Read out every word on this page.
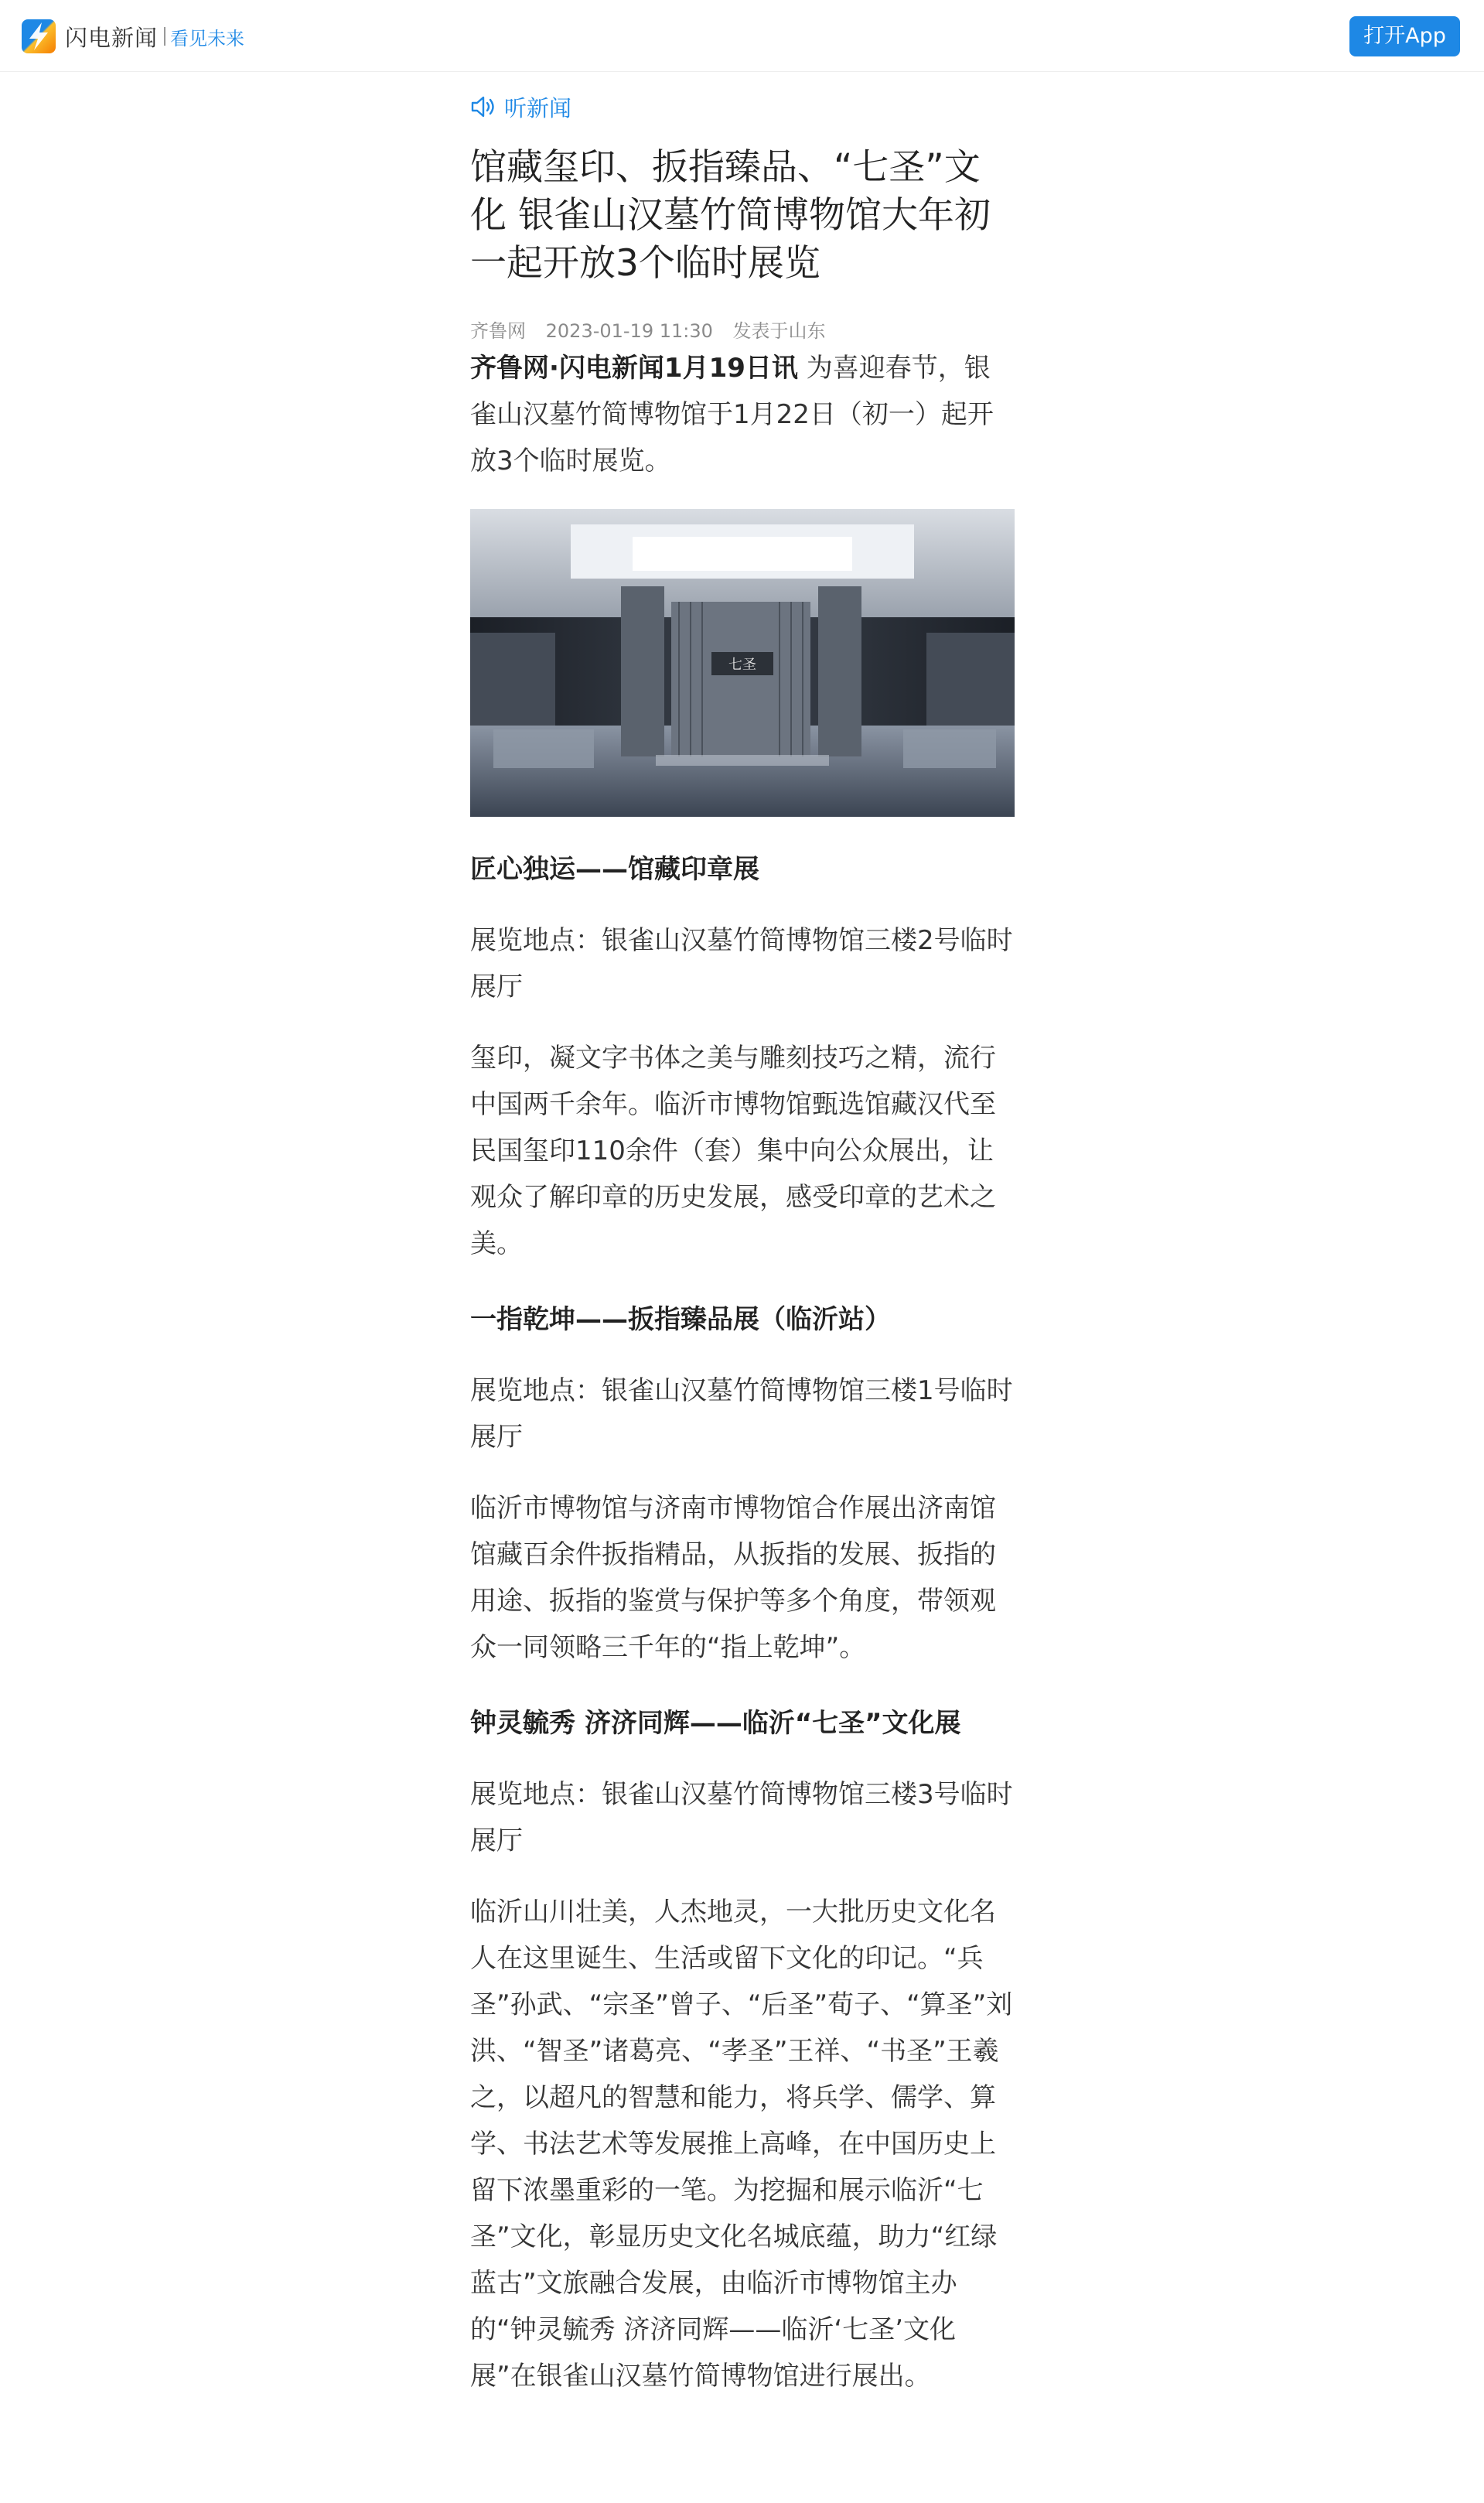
闪电新闻 看见未来	打开App
听新闻
馆藏玺印、扳指臻品、“七圣”文化 银雀山汉墓竹简博物馆大年初一起开放3个临时展览
齐鲁网 2023-01-19 11:30 发表于山东

齐鲁网·闪电新闻1月19日讯 为喜迎春节，银雀山汉墓竹简博物馆于1月22日（初一）起开放3个临时展览。

七圣

匠心独运——馆藏印章展

展览地点：银雀山汉墓竹简博物馆三楼2号临时展厅

玺印，凝文字书体之美与雕刻技巧之精，流行中国两千余年。临沂市博物馆甄选馆藏汉代至民国玺印110余件（套）集中向公众展出，让观众了解印章的历史发展，感受印章的艺术之美。

一指乾坤——扳指臻品展（临沂站）

展览地点：银雀山汉墓竹简博物馆三楼1号临时展厅

临沂市博物馆与济南市博物馆合作展出济南馆馆藏百余件扳指精品，从扳指的发展、扳指的用途、扳指的鉴赏与保护等多个角度，带领观众一同领略三千年的“指上乾坤”。

钟灵毓秀 济济同辉——临沂“七圣”文化展

展览地点：银雀山汉墓竹简博物馆三楼3号临时展厅

临沂山川壮美，人杰地灵，一大批历史文化名人在这里诞生、生活或留下文化的印记。“兵圣”孙武、“宗圣”曾子、“后圣”荀子、“算圣”刘洪、“智圣”诸葛亮、“孝圣”王祥、“书圣”王羲之，以超凡的智慧和能力，将兵学、儒学、算学、书法艺术等发展推上高峰，在中国历史上留下浓墨重彩的一笔。为挖掘和展示临沂“七圣”文化，彰显历史文化名城底蕴，助力“红绿蓝古”文旅融合发展，由临沂市博物馆主办的“钟灵毓秀 济济同辉——临沂‘七圣’文化展”在银雀山汉墓竹简博物馆进行展出。
